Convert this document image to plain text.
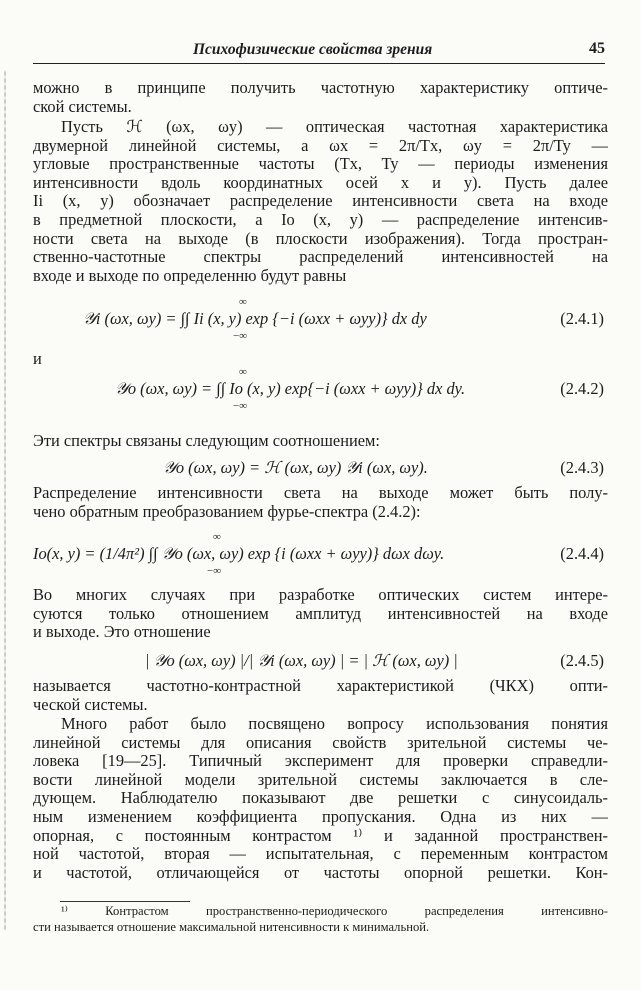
Психофизические свойства зрения	45
можно в принципе получить частотную характеристику оптиче-
ской системы.
Пусть ℋ (ωx, ωy) — оптическая частотная характеристика
двумерной линейной системы, а ωx = 2π/Tx, ωy = 2π/Ty —
угловые пространственные частоты (Tx, Ty — периоды изменения
интенсивности вдоль координатных осей x и y). Пусть далее
Ii (x, y) обозначает распределение интенсивности света на входе
в предметной плоскости, а Io (x, y) — распределение интенсив-
ности света на выходе (в плоскости изображения). Тогда простран-
ственно-частотные спектры распределений интенсивностей на
входе и выходе по определенню будут равны
∞
𝒴i (ωx, ωy) = ∫∫ Ii (x, y) exp {−i (ωxx + ωyy)} dx dy
−∞
(2.4.1)
и
∞
𝒴o (ωx, ωy) = ∫∫ Io (x, y) exp{−i (ωxx + ωyy)} dx dy.
−∞
(2.4.2)
Эти спектры связаны следующим соотношением:
𝒴o (ωx, ωy) = ℋ (ωx, ωy) 𝒴i (ωx, ωy).	(2.4.3)
Распределение интенсивности света на выходе может быть полу-
чено обратным преобразованием фурье-спектра (2.4.2):
∞
Io(x, y) = (1/4π²) ∫∫ 𝒴o (ωx, ωy) exp {i (ωxx + ωyy)} dωx dωy.
−∞
(2.4.4)
Во многих случаях при разработке оптических систем интере-
суются только отношением амплитуд интенсивностей на входе
и выходе. Это отношение
| 𝒴o (ωx, ωy) |/| 𝒴i (ωx, ωy) | = | ℋ (ωx, ωy) |	(2.4.5)
называется частотно-контрастной характеристикой (ЧКХ) опти-
ческой системы.
Много работ было посвящено вопросу использования понятия
линейной системы для описания свойств зрительной системы че-
ловека [19—25]. Типичный эксперимент для проверки справедли-
вости линейной модели зрительной системы заключается в сле-
дующем. Наблюдателю показывают две решетки с синусоидаль-
ным изменением коэффициента пропускания. Одна из них —
опорная, с постоянным контрастом ¹⁾ и заданной пространствен-
ной частотой, вторая — испытательная, с переменным контрастом
и частотой, отличающейся от частоты опорной решетки. Кон-
¹⁾ Контрастом пространственно-периодического распределения интенсивно-
сти называется отношение максимальной нитенсивности к минимальной.
